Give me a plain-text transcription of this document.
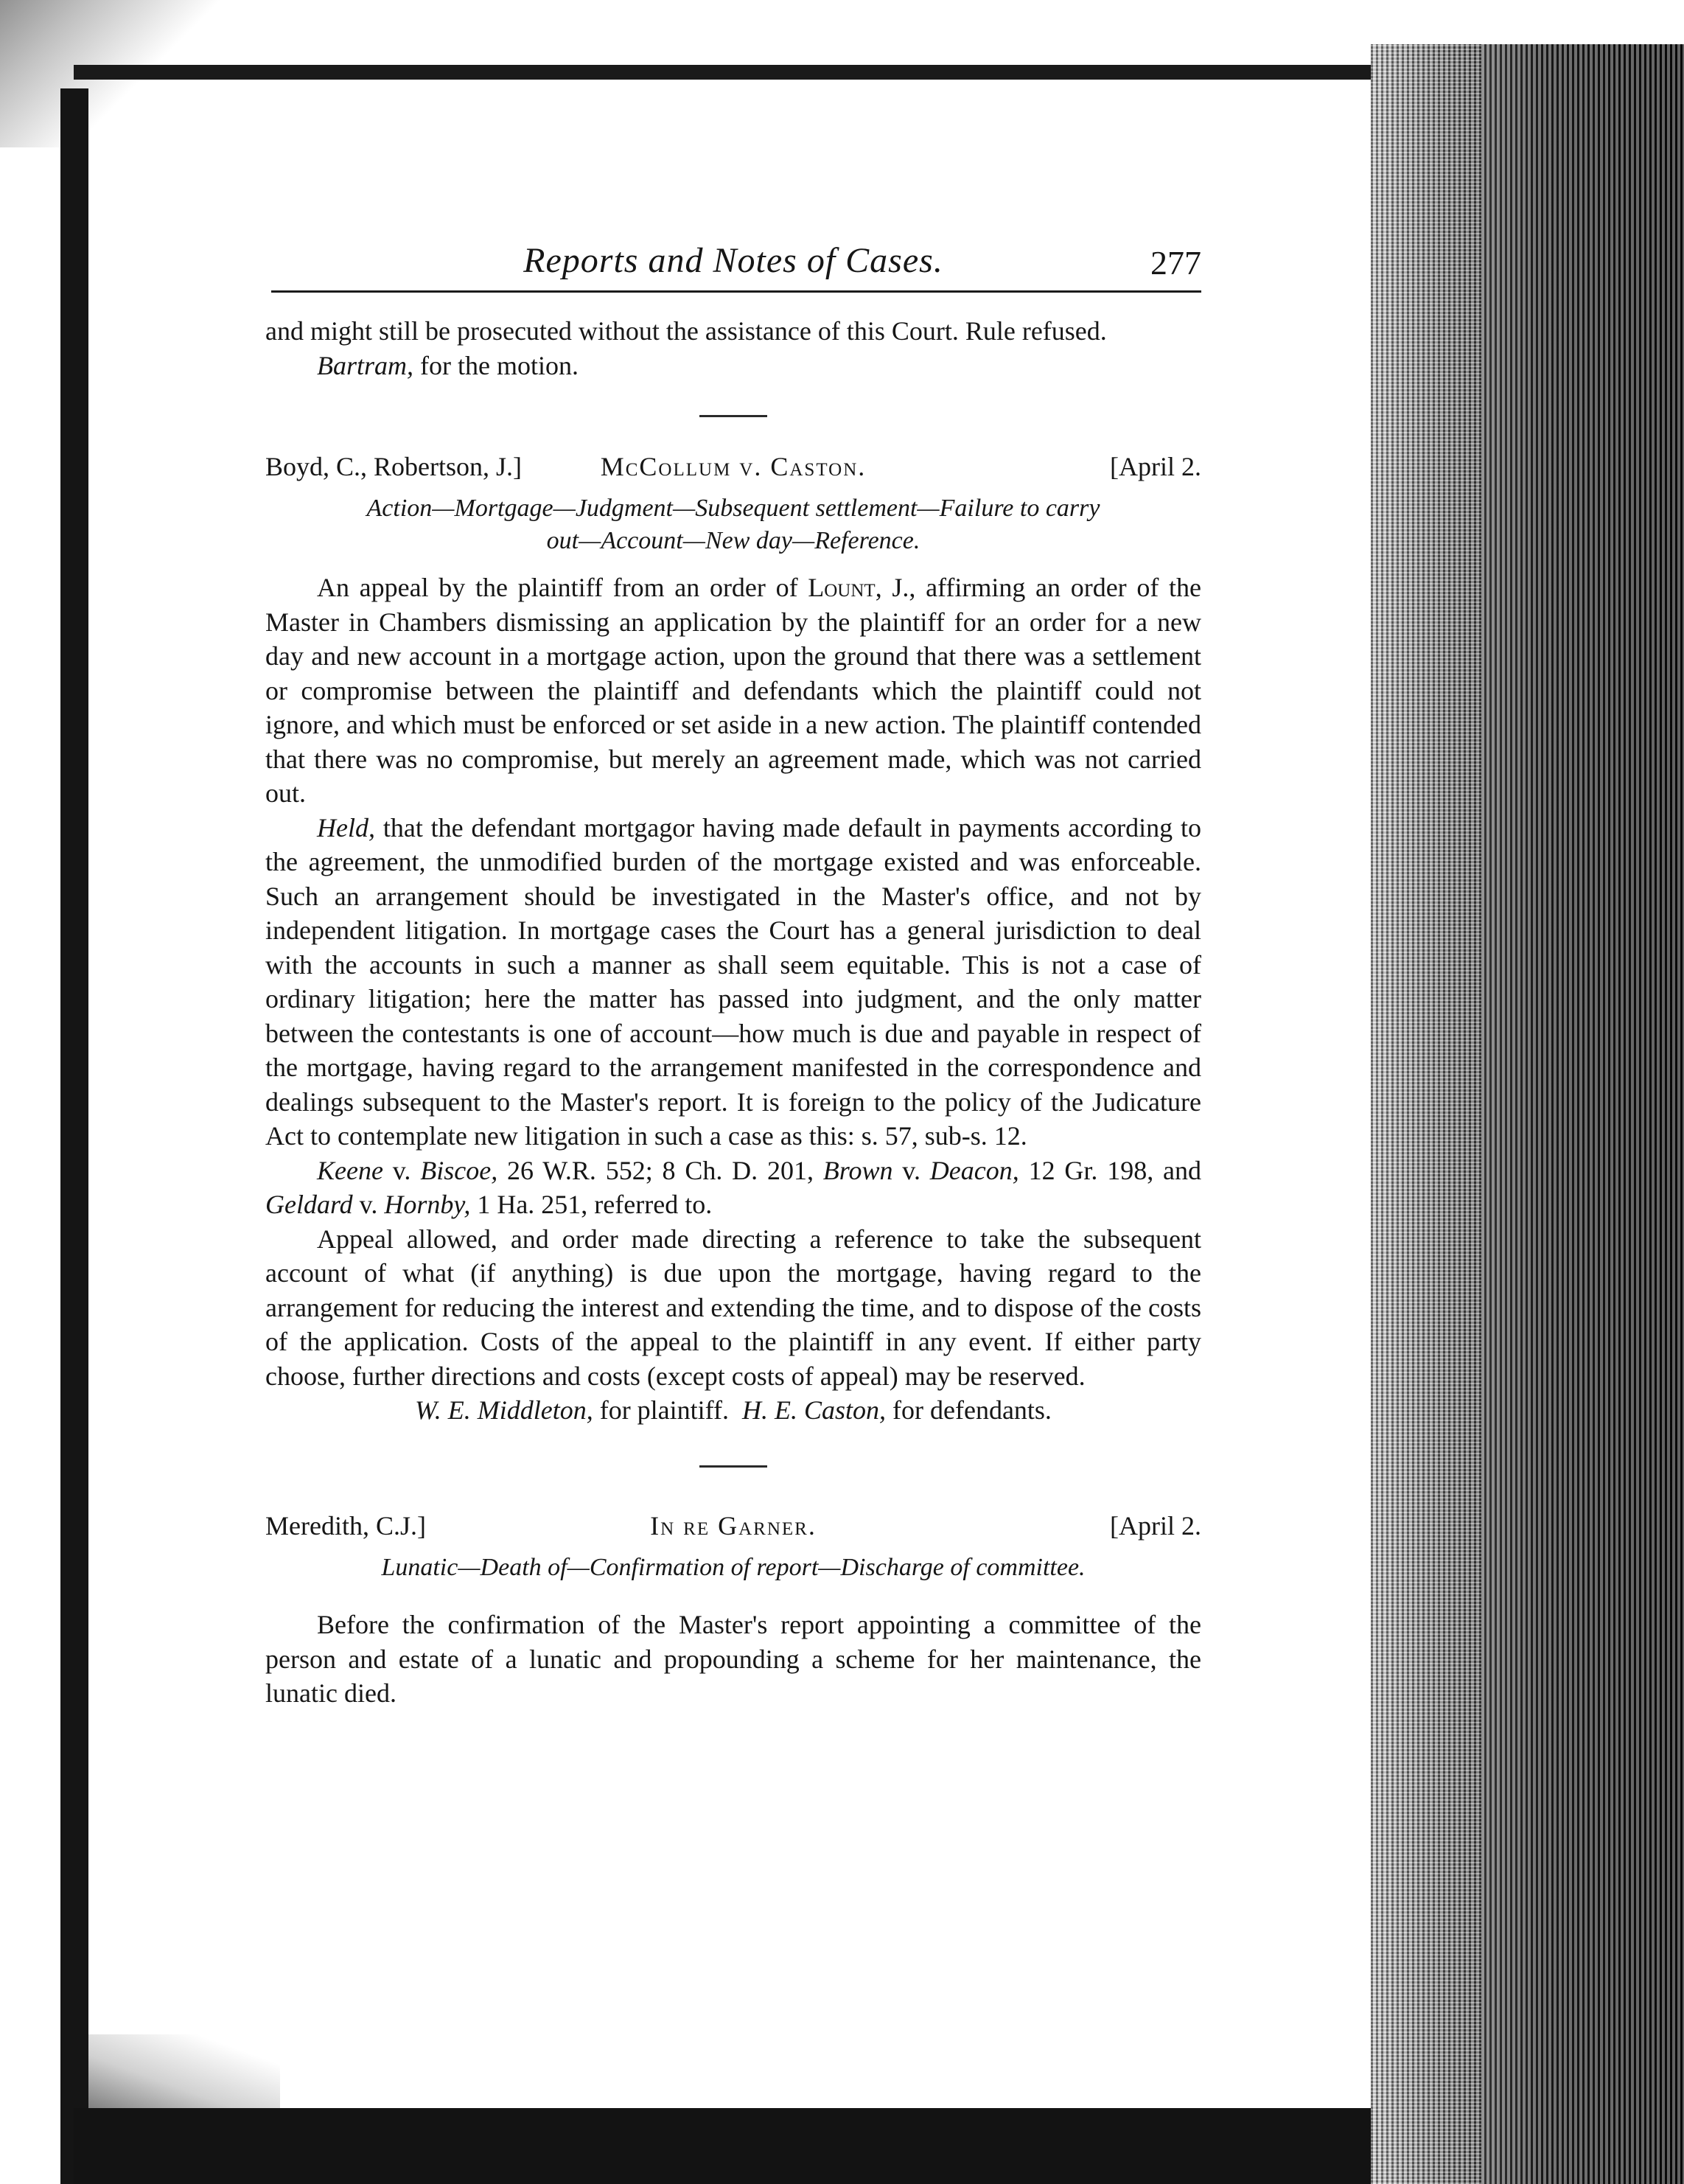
Reports and Notes of Cases.	277

and might still be prosecuted without the assistance of this Court. Rule refused.

Bartram, for the motion.

Boyd, C., Robertson, J.]	McCollum v. Caston.	[April 2.
Action—Mortgage—Judgment—Subsequent settlement—Failure to carry
out—Account—New day—Reference.

An appeal by the plaintiff from an order of Lount, J., affirming an order of the Master in Chambers dismissing an application by the plaintiff for an order for a new day and new account in a mortgage action, upon the ground that there was a settlement or compromise between the plaintiff and defendants which the plaintiff could not ignore, and which must be enforced or set aside in a new action. The plaintiff contended that there was no compromise, but merely an agreement made, which was not carried out.

Held, that the defendant mortgagor having made default in payments according to the agreement, the unmodified burden of the mortgage existed and was enforceable. Such an arrangement should be investigated in the Master's office, and not by independent litigation. In mortgage cases the Court has a general jurisdiction to deal with the accounts in such a manner as shall seem equitable. This is not a case of ordinary litigation; here the matter has passed into judgment, and the only matter between the contestants is one of account—how much is due and payable in respect of the mortgage, having regard to the arrangement manifested in the correspondence and dealings subsequent to the Master's report. It is foreign to the policy of the Judicature Act to contemplate new litigation in such a case as this: s. 57, sub-s. 12.

Keene v. Biscoe, 26 W.R. 552; 8 Ch. D. 201, Brown v. Deacon, 12 Gr. 198, and Geldard v. Hornby, 1 Ha. 251, referred to.

Appeal allowed, and order made directing a reference to take the subsequent account of what (if anything) is due upon the mortgage, having regard to the arrangement for reducing the interest and extending the time, and to dispose of the costs of the application. Costs of the appeal to the plaintiff in any event. If either party choose, further directions and costs (except costs of appeal) may be reserved.

W. E. Middleton, for plaintiff. H. E. Caston, for defendants.
Meredith, C.J.]	In re Garner.	[April 2.
Lunatic—Death of—Confirmation of report—Discharge of committee.

Before the confirmation of the Master's report appointing a committee of the person and estate of a lunatic and propounding a scheme for her maintenance, the lunatic died.
